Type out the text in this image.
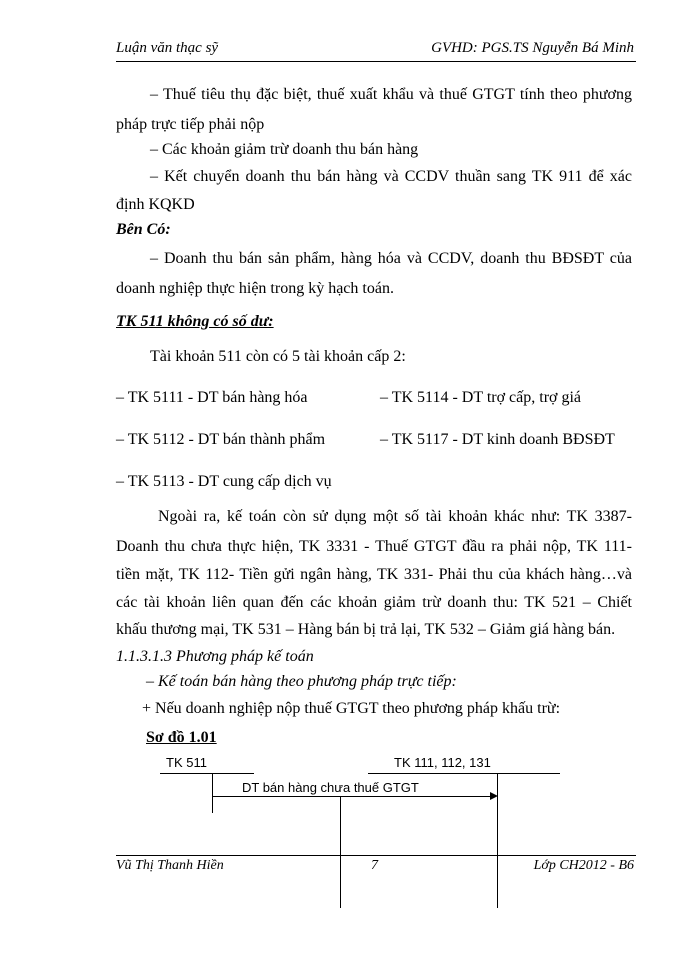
Luận văn thạc sỹ	GVHD: PGS.TS Nguyễn Bá Minh
– Thuế tiêu thụ đặc biệt, thuế xuất khẩu và thuế GTGT tính theo phương
pháp trực tiếp phải nộp
– Các khoản giảm trừ doanh thu bán hàng
– Kết chuyển doanh thu bán hàng và CCDV thuần sang TK 911 để xác
định KQKD
Bên Có:
– Doanh thu bán sản phẩm, hàng hóa và CCDV, doanh thu BĐSĐT của
doanh nghiệp thực hiện trong kỳ hạch toán.
TK 511 không có số dư:
Tài khoản 511 còn có 5 tài khoản cấp 2:
– TK 5111 - DT bán hàng hóa	– TK 5114 - DT trợ cấp, trợ giá
– TK 5112 - DT bán thành phẩm	– TK 5117 - DT kinh doanh BĐSĐT
– TK 5113 - DT cung cấp dịch vụ
Ngoài ra, kế toán còn sử dụng một số tài khoản khác như: TK 3387-
Doanh thu chưa thực hiện, TK 3331 - Thuế GTGT đầu ra phải nộp, TK 111-
tiền mặt, TK 112- Tiền gửi ngân hàng, TK 331- Phải thu của khách hàng…và
các tài khoản liên quan đến các khoản giảm trừ doanh thu: TK 521 – Chiết
khấu thương mại, TK 531 – Hàng bán bị trả lại, TK 532 – Giảm giá hàng bán.
1.1.3.1.3 Phương pháp kế toán
– Kế toán bán hàng theo phương pháp trực tiếp:
+ Nếu doanh nghiệp nộp thuế GTGT theo phương pháp khấu trừ:
Sơ đồ 1.01
TK 511	TK 111, 112, 131
DT bán hàng chưa thuế GTGT
Vũ Thị Thanh Hiền	7	Lớp CH2012 - B6
